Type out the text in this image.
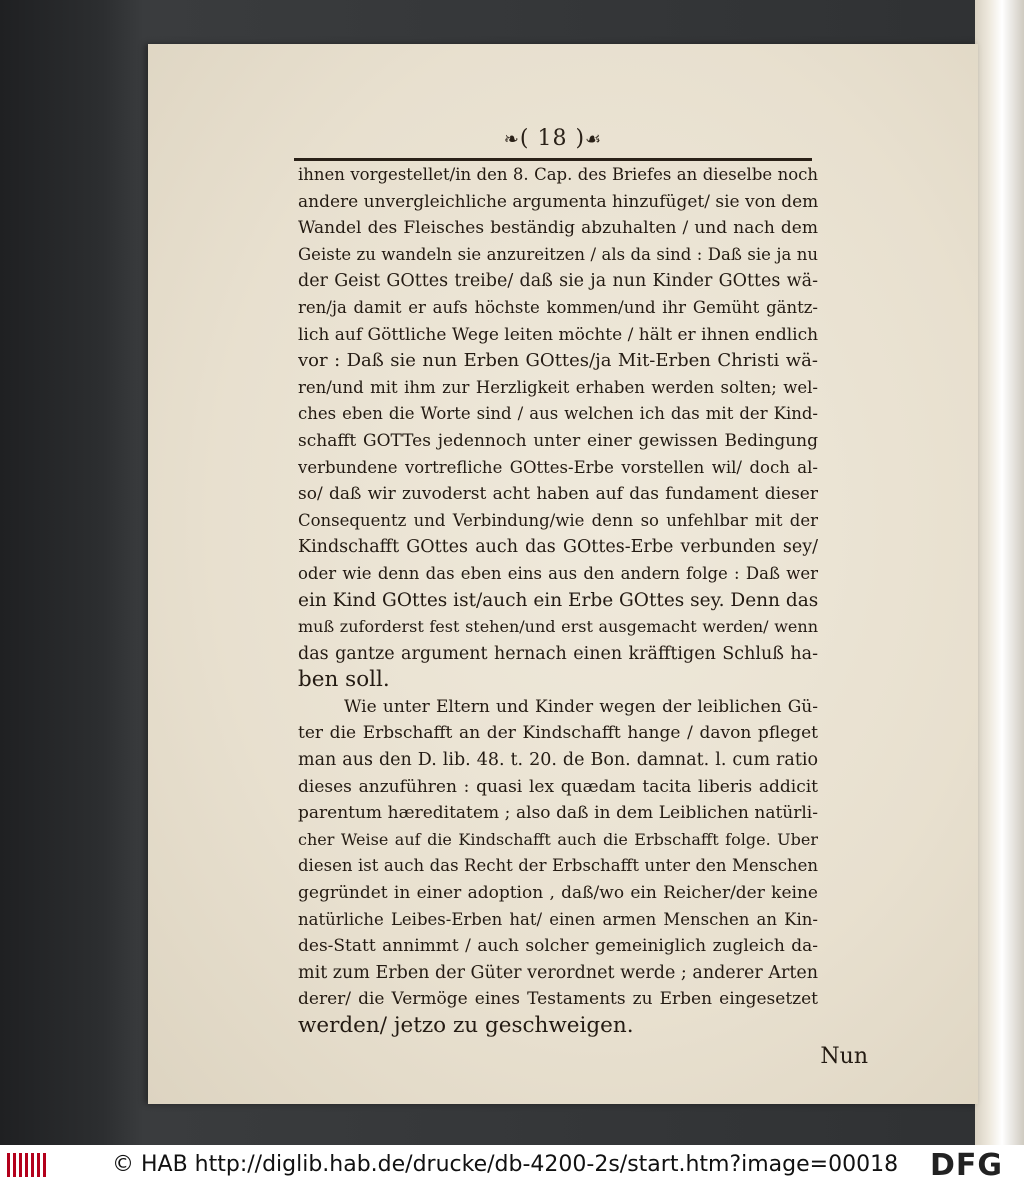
❧( 18 )☙
ihnen vorgestellet/in den 8. Cap. des Briefes an dieselbe noch
andere unvergleichliche argumenta hinzufüget/ sie von dem
Wandel des Fleisches beständig abzuhalten / und nach dem
Geiste zu wandeln sie anzureitzen / als da sind : Daß sie ja nu
der Geist GOttes treibe/ daß sie ja nun Kinder GOttes wä-
ren/ja damit er aufs höchste kommen/und ihr Gemüht gäntz-
lich auf Göttliche Wege leiten möchte / hält er ihnen endlich
vor : Daß sie nun Erben GOttes/ja Mit-Erben Christi wä-
ren/und mit ihm zur Herzligkeit erhaben werden solten; wel-
ches eben die Worte sind / aus welchen ich das mit der Kind-
schafft GOTTes jedennoch unter einer gewissen Bedingung
verbundene vortrefliche GOttes-Erbe vorstellen wil/ doch al-
so/ daß wir zuvoderst acht haben auf das fundament dieser
Consequentz und Verbindung/wie denn so unfehlbar mit der
Kindschafft GOttes auch das GOttes-Erbe verbunden sey/
oder wie denn das eben eins aus den andern folge : Daß wer
ein Kind GOttes ist/auch ein Erbe GOttes sey. Denn das
muß zuforderst fest stehen/und erst ausgemacht werden/ wenn
das gantze argument hernach einen kräfftigen Schluß ha-
ben soll.
Wie unter Eltern und Kinder wegen der leiblichen Gü-
ter die Erbschafft an der Kindschafft hange / davon pfleget
man aus den D. lib. 48. t. 20. de Bon. damnat. l. cum ratio
dieses anzuführen : quasi lex quædam tacita liberis addicit
parentum hæreditatem ; also daß in dem Leiblichen natürli-
cher Weise auf die Kindschafft auch die Erbschafft folge. Uber
diesen ist auch das Recht der Erbschafft unter den Menschen
gegründet in einer adoption , daß/wo ein Reicher/der keine
natürliche Leibes-Erben hat/ einen armen Menschen an Kin-
des-Statt annimmt / auch solcher gemeiniglich zugleich da-
mit zum Erben der Güter verordnet werde ; anderer Arten
derer/ die Vermöge eines Testaments zu Erben eingesetzet
werden/ jetzo zu geschweigen.
Nun
© HAB http://diglib.hab.de/drucke/db-4200-2s/start.htm?image=00018 DFG
